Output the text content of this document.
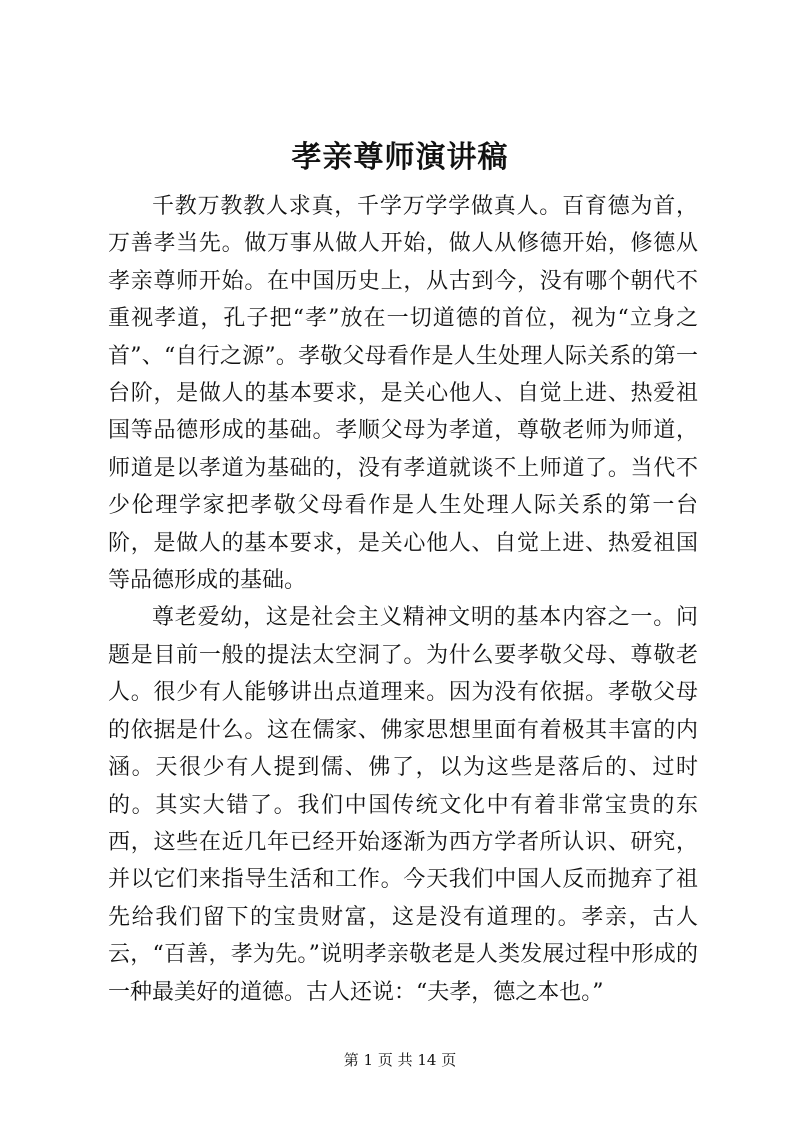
孝亲尊师演讲稿

千教万教教人求真，千学万学学做真人。百育德为首，万善孝当先。做万事从做人开始，做人从修德开始，修德从孝亲尊师开始。在中国历史上，从古到今，没有哪个朝代不重视孝道，孔子把“孝”放在一切道德的首位，视为“立身之首”、“自行之源”。孝敬父母看作是人生处理人际关系的第一台阶，是做人的基本要求，是关心他人、自觉上进、热爱祖国等品德形成的基础。孝顺父母为孝道，尊敬老师为师道，师道是以孝道为基础的，没有孝道就谈不上师道了。当代不少伦理学家把孝敬父母看作是人生处理人际关系的第一台阶，是做人的基本要求，是关心他人、自觉上进、热爱祖国等品德形成的基础。

尊老爱幼，这是社会主义精神文明的基本内容之一。问题是目前一般的提法太空洞了。为什么要孝敬父母、尊敬老人。很少有人能够讲出点道理来。因为没有依据。孝敬父母的依据是什么。这在儒家、佛家思想里面有着极其丰富的内涵。天很少有人提到儒、佛了，以为这些是落后的、过时的。其实大错了。我们中国传统文化中有着非常宝贵的东西，这些在近几年已经开始逐渐为西方学者所认识、研究，并以它们来指导生活和工作。今天我们中国人反而抛弃了祖先给我们留下的宝贵财富，这是没有道理的。孝亲，古人云，“百善，孝为先。”说明孝亲敬老是人类发展过程中形成的一种最美好的道德。古人还说：“夫孝，德之本也。”

第 1 页 共 14 页
